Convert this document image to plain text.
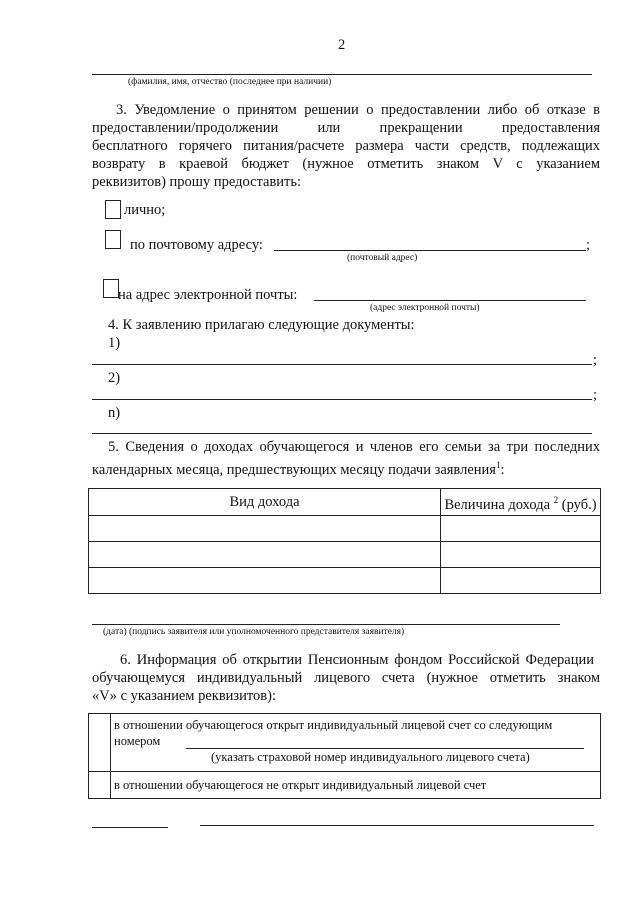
2
(фамилия, имя, отчество (последнее при наличии)
3. Уведомление о принятом решении о предоставлении либо об отказе в
предоставлении/продолжении или прекращении предоставления
бесплатного горячего питания/расчете размера части средств, подлежащих
возврату в краевой бюджет (нужное отметить знаком V с указанием
реквизитов) прошу предоставить:
лично;
по почтовому адресу:	;
(почтовый адрес)
на адрес электронной почты:
(адрес электронной почты)
4. К заявлению прилагаю следующие документы:
1)
;
2)
;
n)
5. Сведения о доходах обучающегося и членов его семьи за три последних
календарных месяца, предшествующих месяцу подачи заявления$^1$:
Вид дохода	Величина дохода $^2$ (руб.)

(дата) (подпись заявителя или уполномоченного представителя заявителя)
6. Информация об открытии Пенсионным фондом Российской Федерации
обучающемуся индивидуальный лицевого счета (нужное отметить знаком
«V» с указанием реквизитов):

	в отношении обучающегося открыт индивидуальный лицевой счет со следующим
номером
(указать страховой номер индивидуального лицевого счета)

	в отношении обучающегося не открыт индивидуальный лицевой счет
